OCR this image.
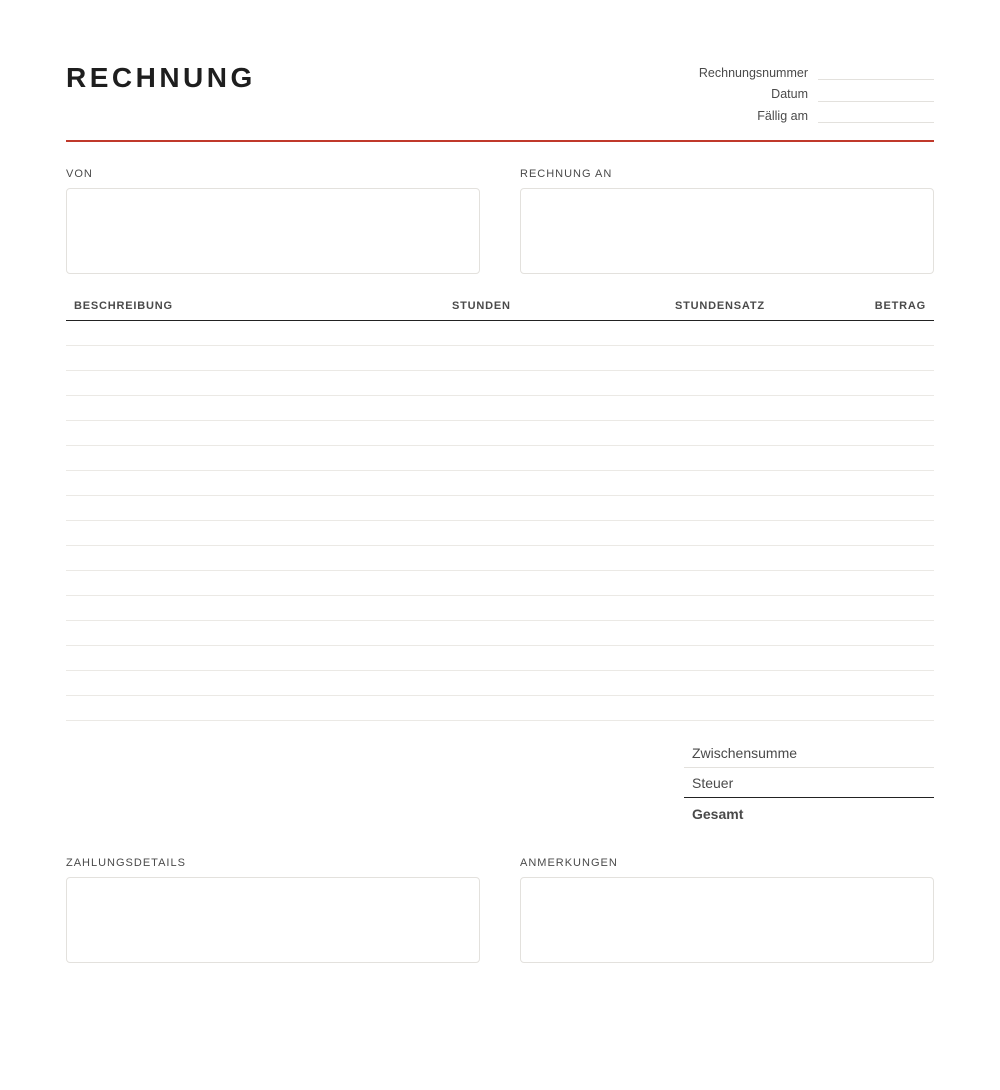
RECHNUNG	Rechnungsnummer
Datum
Fällig am
VON	RECHNUNG AN
BESCHREIBUNG	STUNDEN	STUNDENSATZ	BETRAG
Zwischensumme
Steuer
Gesamt
ZAHLUNGSDETAILS	ANMERKUNGEN
